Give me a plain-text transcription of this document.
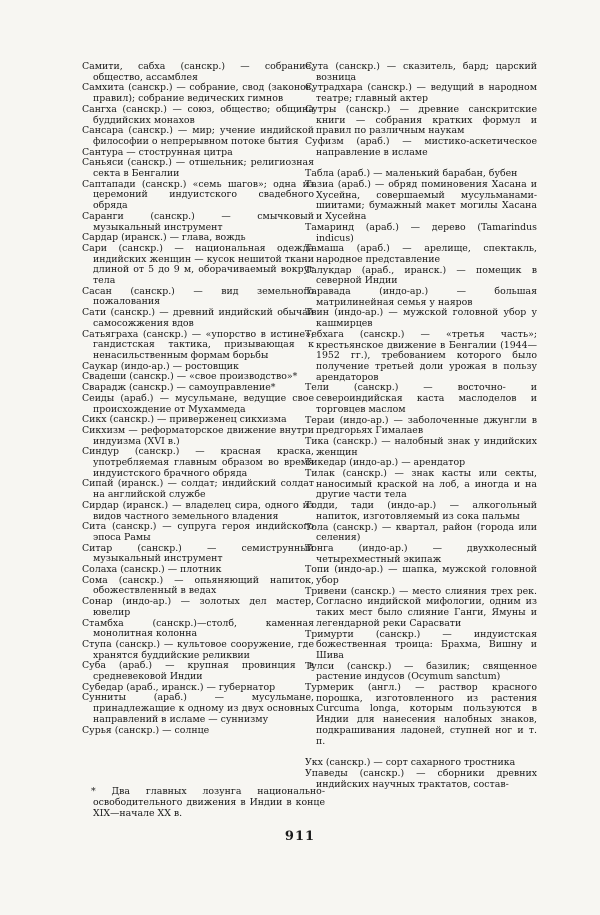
Самити, сабха (санскр.) — собрание, общество, ассамблея

Самхита (санскр.) — собрание, свод (законов, правил); собрание ведических гимнов

Сангха (санскр.) — союз, общество; община буддийских монахов

Сансара (санскр.) — мир; учение индийской философии о непрерывном потоке бытия

Сантура — стострунная цитра

Саньяси (санскр.) — отшельник; религиозная секта в Бенгалии

Саптапади (санскр.) «семь шагов»; одна из церемоний индуистского свадебного обряда

Саранги (санскр.) — смычковый музыкальный инструмент

Сардар (иранск.) — глава, вождь

Сари (санскр.) — национальная одежда индийских женщин — кусок нешитой ткани длиной от 5 до 9 м, оборачиваемый вокруг тела

Сасан (санскр.) — вид земельного пожалования

Сати (санскр.) — древний индийский обычай самосожжения вдов

Сатьяграха (санскр.) — «упорство в истине»; гандистская тактика, призывающая к ненасильственным формам борьбы

Саукар (индо-ар.) — ростовщик

Свадеши (санскр.) — «свое производство»*

Свaрадж (санскр.) — самоуправление*

Сеиды (араб.) — мусульмане, ведущие свое происхождение от Мухаммеда

Сикх (санскр.) — приверженец сикхизма

Сикхизм — реформаторское движение внутри индуизма (XVI в.)

Синдур (санскр.) — красная краска, употребляемая главным образом во время индуистского брачного обряда

Сипай (иранск.) — солдат; индийский солдат на английской службе

Сирдар (иранск.) — владелец сира, одного из видов частного земельного владения

Сита (санскр.) — супруга героя индийского эпоса Рамы

Ситар (санскр.) — семиструнный музыкальный инструмент

Солаха (санскр.) — плотник

Сома (санскр.) — опьяняющий напиток, обожествленный в ведах

Сонар (индо-ар.) — золотых дел мастер, ювелир

Стамбха (санскр.)—столб, каменная монолитная колонна

Ступа (санскр.) — культовое сооружение, где хранятся буддийские реликвии

Суба (араб.) — крупная провинция в средневековой Индии

Субедар (араб., иранск.) — губернатор

Сунниты (араб.) — мусульмане, принадлежащие к одному из двух основных направлений в исламе — суннизму

Сурья (санскр.) — солнце

Сута (санскр.) — сказитель, бард; царский возница

Сутрадхара (санскр.) — ведущий в народном театре; главный актер

Сутры (санскр.) — древние санскритские книги — собрания кратких формул и правил по различным наукам

Суфизм (араб.) — мистико-аскетическое направление в исламе

Табла (араб.) — маленький барабан, бубен

Тазиа (араб.) — обряд поминовения Хасана и Хусейна, совершаемый мусульманами-шиитами; бумажный макет могилы Хасана и Хусейна

Тамаринд (араб.) — дерево (Tamarindus indicus)

Тамаша (араб.) — арелище, спектакль, народное представление

Талукдар (араб., иранск.) — помещик в северной Индии

Таравада (индо-ар.) — большая матрилинейная семья у наяров

Твин (индо-ар.) — мужской головной убор у кашмирцев

Тебхага (санскр.) — «третья часть»; крестьянское движение в Бенгалии (1944—1952 гг.), требованием которого было получение третьей доли урожая в пользу арендаторов

Тели (санскр.) — восточно- и североиндийская каста маслоделов и торговцев маслом

Тераи (индо-ар.) — заболоченные джунгли в предгорьях Гималаев

Тика (санскр.) — налобный знак у индийских женщин

Тикедар (индо-ар.) — арендатор

Тилак (санскр.) — знак касты или секты, наносимый краской на лоб, а иногда и на другие части тела

Тодди, тади (индо-ар.) — алкогольный напиток, изготовляемый из сока пальмы

Тола (санскр.) — квартал, район (города или селения)

Тонга (индо-ар.) — двухколесный четырехместный экипаж

Топи (индо-ар.) — шапка, мужской головной убор

Тривени (санскр.) — место слияния трех рек. Согласно индийской мифологии, одним из таких мест было слияние Ганги, Ямуны и легендарной реки Сарасвати

Тримурти (санскр.) — индуистская божественная троица: Брахма, Вишну и Шива

Тулси (санскр.) — базилик; священное растение индусов (Ocymum sanctum)

Турмерик (англ.) — раствор красного порошка, изготовленного из растения Curcuma longa, которым пользуются в Индии для нанесения налобных знаков, подкрашивания ладоней, ступней ног и т. п.

Укх (санскр.) — сорт сахарного тростника

Упаведы (санскр.) — сборники древних индийских научных трактатов, состав-

* Два главных лозунга национально-освободительного движения в Индии в конце XIX—начале XX в.

911
